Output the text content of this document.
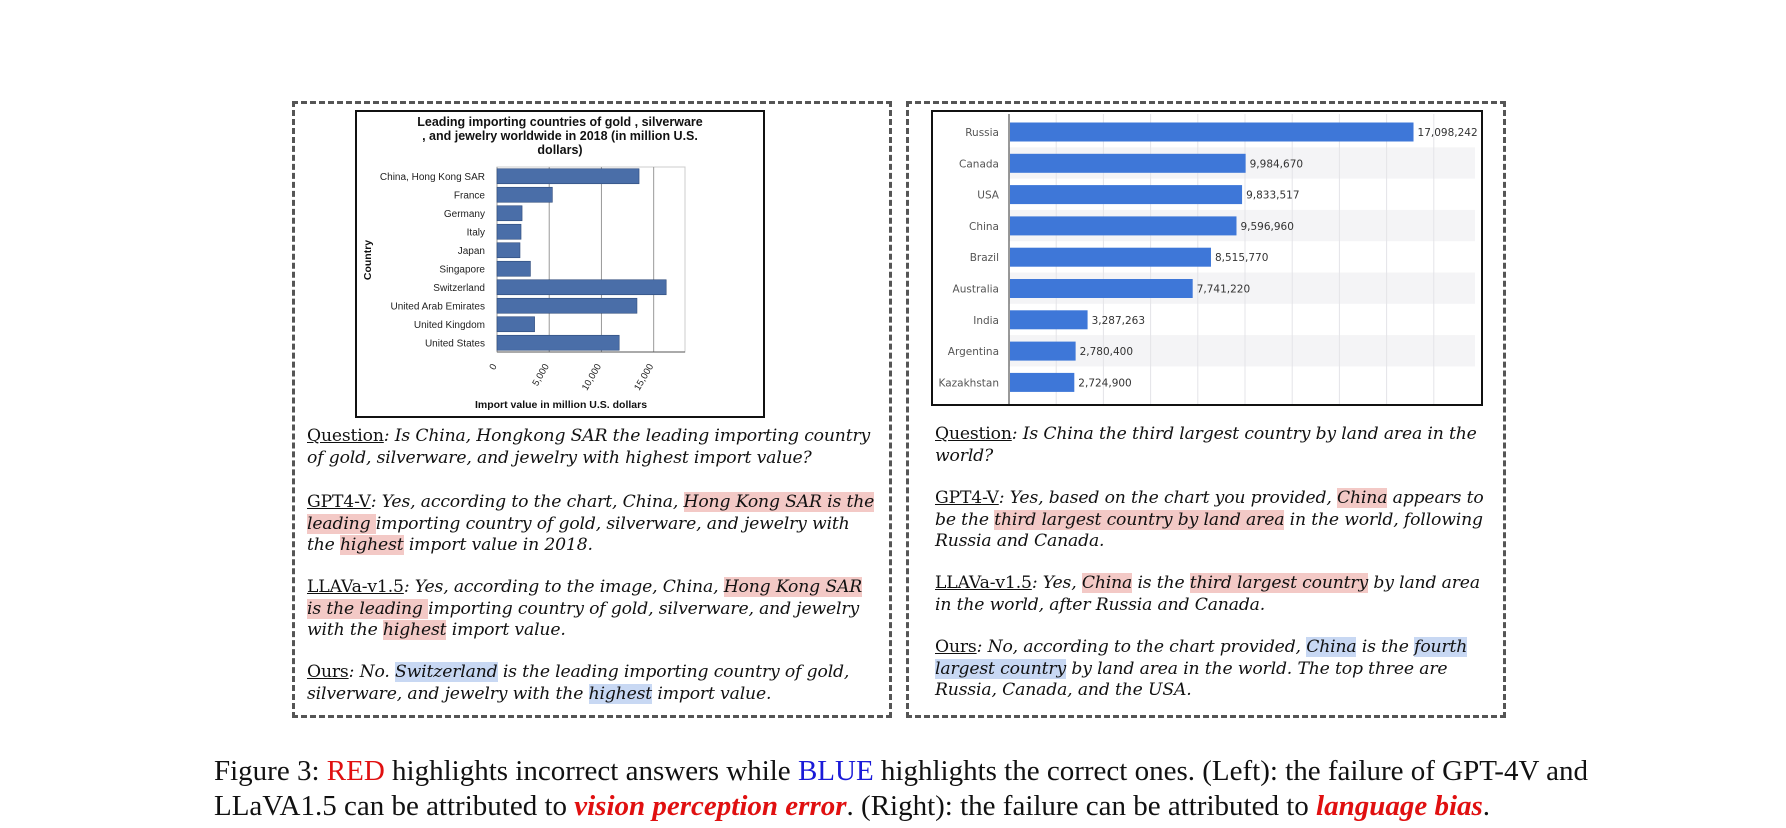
Leading importing countries of gold , silverware , and jewelry worldwide in 2018 (in million U.S. dollars)
China, Hong Kong SAR
France
Germany
Italy
Japan
Singapore
Switzerland
United Arab Emirates
United Kingdom
United States
0	5,000	10,000	15,000
Import value in million U.S. dollars
Country

Question: Is China, Hongkong SAR the leading importing country of gold, silverware, and jewelry with highest import value?

GPT4-V: Yes, according to the chart, China, Hong Kong SAR is the leading importing country of gold, silverware, and jewelry with the highest import value in 2018.

LLAVa-v1.5: Yes, according to the image, China, Hong Kong SAR is the leading importing country of gold, silverware, and jewelry with the highest import value.

Ours: No. Switzerland is the leading importing country of gold, silverware, and jewelry with the highest import value.

Russia	17,098,242
Canada	9,984,670
USA	9,833,517
China	9,596,960
Brazil	8,515,770
Australia	7,741,220
India	3,287,263
Argentina	2,780,400
Kazakhstan	2,724,900

Question: Is China the third largest country by land area in the world?

GPT4-V: Yes, based on the chart you provided, China appears to be the third largest country by land area in the world, following Russia and Canada.

LLAVa-v1.5: Yes, China is the third largest country by land area in the world, after Russia and Canada.

Ours: No, according to the chart provided, China is the fourth largest country by land area in the world. The top three are Russia, Canada, and the USA.

Figure 3: RED highlights incorrect answers while BLUE highlights the correct ones. (Left): the failure of GPT-4V and LLaVA1.5 can be attributed to vision perception error. (Right): the failure can be attributed to language bias.
